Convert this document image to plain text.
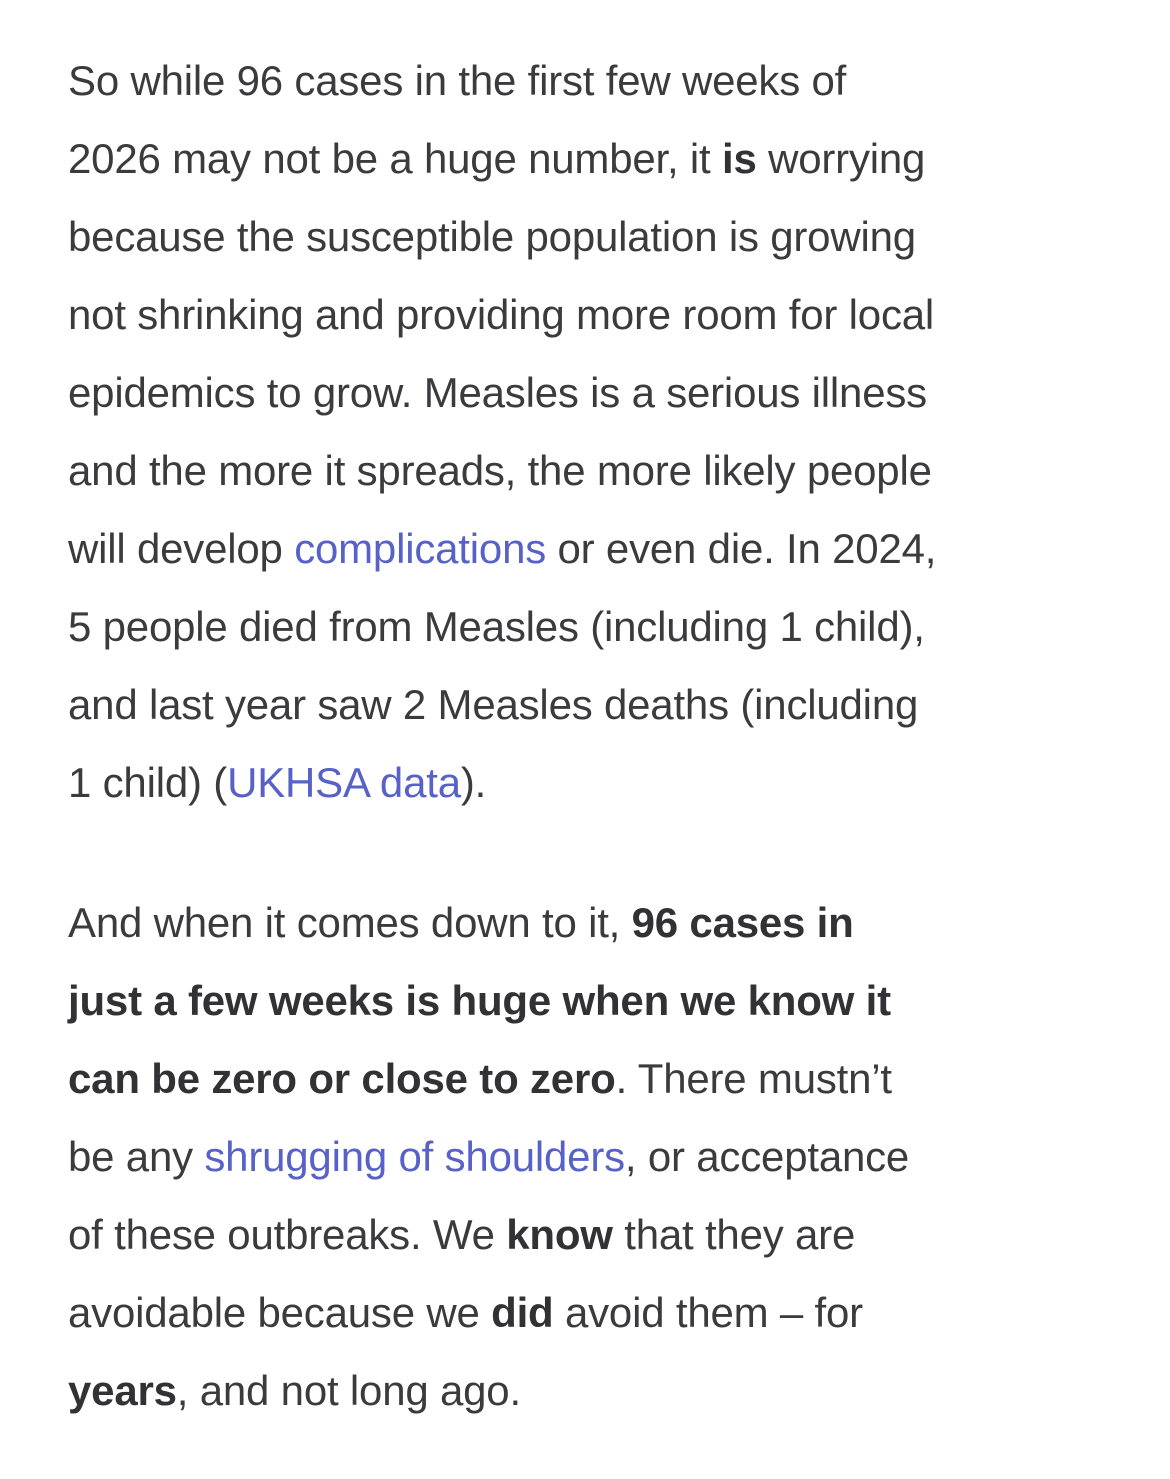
So while 96 cases in the first few weeks of
2026 may not be a huge number, it is worrying
because the susceptible population is growing
not shrinking and providing more room for local
epidemics to grow. Measles is a serious illness
and the more it spreads, the more likely people
will develop complications or even die. In 2024,
5 people died from Measles (including 1 child),
and last year saw 2 Measles deaths (including
1 child) (UKHSA data).

And when it comes down to it, 96 cases in
just a few weeks is huge when we know it
can be zero or close to zero. There mustn’t
be any shrugging of shoulders, or acceptance
of these outbreaks. We know that they are
avoidable because we did avoid them – for
years, and not long ago.
